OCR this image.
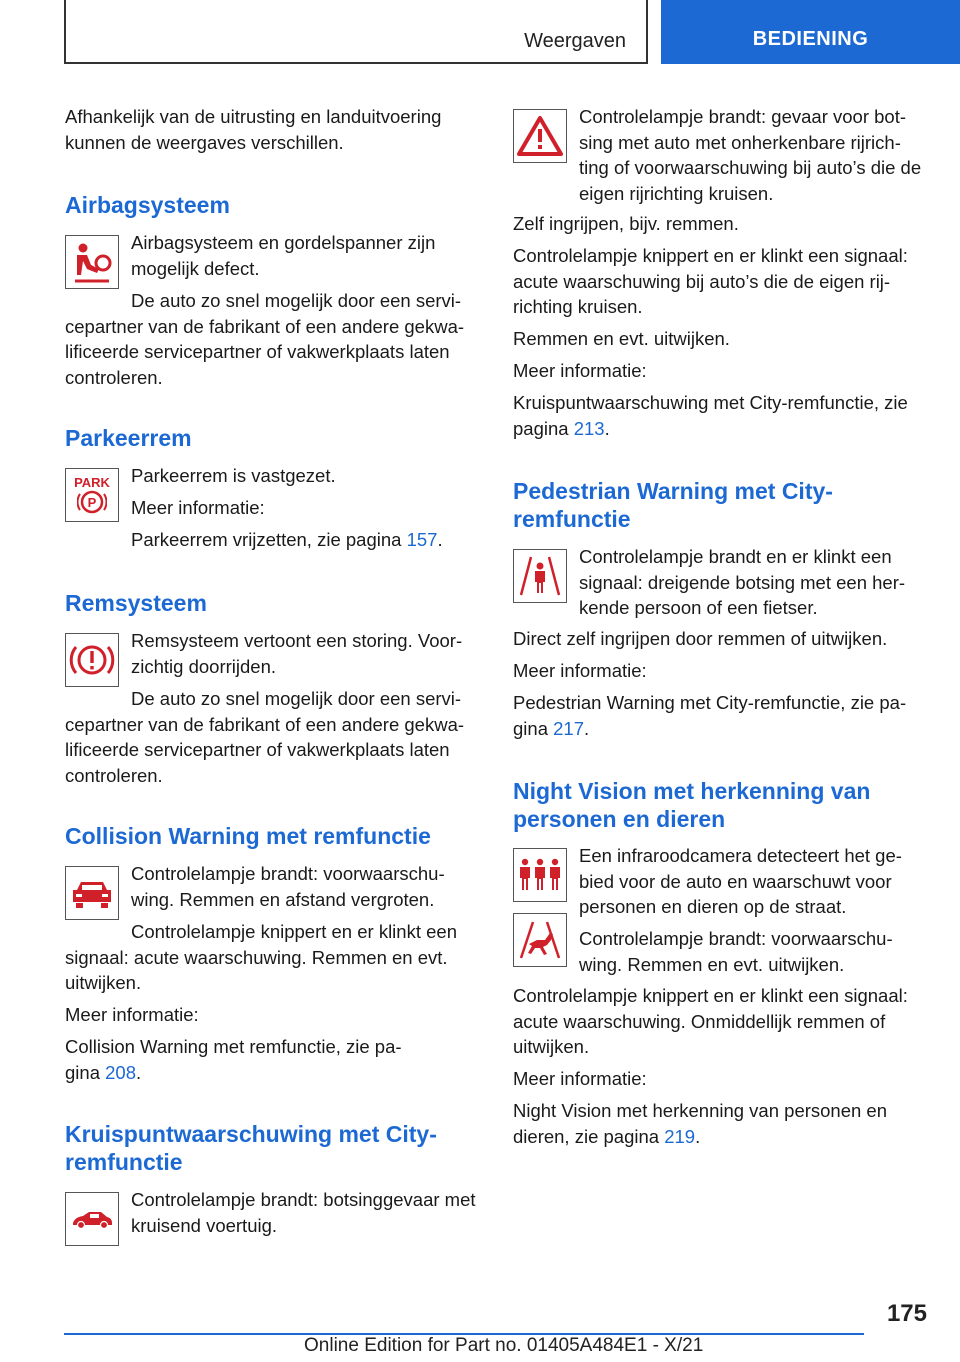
Weergaven	BEDIENING

Afhankelijk van de uitrusting en landuitvoering kunnen de weergaves verschillen.

Airbagsysteem

Airbagsysteem en gordelspanner zijn mogelijk defect.

De auto zo snel mogelijk door een servicepartner van de fabrikant of een andere gekwalificeerde servicepartner of vakwerkplaats laten controleren.

Parkeerrem
PARK
P

Parkeerrem is vastgezet.

Meer informatie:

Parkeerrem vrijzetten, zie pagina 157.

Remsysteem

Remsysteem vertoont een storing. Voorzichtig doorrijden.

De auto zo snel mogelijk door een servicepartner van de fabrikant of een andere gekwalificeerde servicepartner of vakwerkplaats laten controleren.

Collision Warning met remfunctie

Controlelampje brandt: voorwaarschuwing. Remmen en afstand vergroten.

Controlelampje knippert en er klinkt een signaal: acute waarschuwing. Remmen en evt. uitwijken.

Meer informatie:

Collision Warning met remfunctie, zie pagina 208.

Kruispuntwaarschuwing met City-remfunctie

Controlelampje brandt: botsinggevaar met kruisend voertuig.

Controlelampje brandt: gevaar voor botsing met auto met onherkenbare rijrichting of voorwaarschuwing bij auto’s die de eigen rijrichting kruisen.

Zelf ingrijpen, bijv. remmen.

Controlelampje knippert en er klinkt een signaal: acute waarschuwing bij auto’s die de eigen rijrichting kruisen.

Remmen en evt. uitwijken.

Meer informatie:

Kruispuntwaarschuwing met City-remfunctie, zie pagina 213.

Pedestrian Warning met City-remfunctie

Controlelampje brandt en er klinkt een signaal: dreigende botsing met een herkende persoon of een fietser.

Direct zelf ingrijpen door remmen of uitwijken.

Meer informatie:

Pedestrian Warning met City-remfunctie, zie pagina 217.

Night Vision met herkenning van personen en dieren

Een infraroodcamera detecteert het gebied voor de auto en waarschuwt voor personen en dieren op de straat.

Controlelampje brandt: voorwaarschuwing. Remmen en evt. uitwijken.

Controlelampje knippert en er klinkt een signaal: acute waarschuwing. Onmiddellijk remmen of uitwijken.

Meer informatie:

Night Vision met herkenning van personen en dieren, zie pagina 219.

175
Online Edition for Part no. 01405A484E1 - X/21
